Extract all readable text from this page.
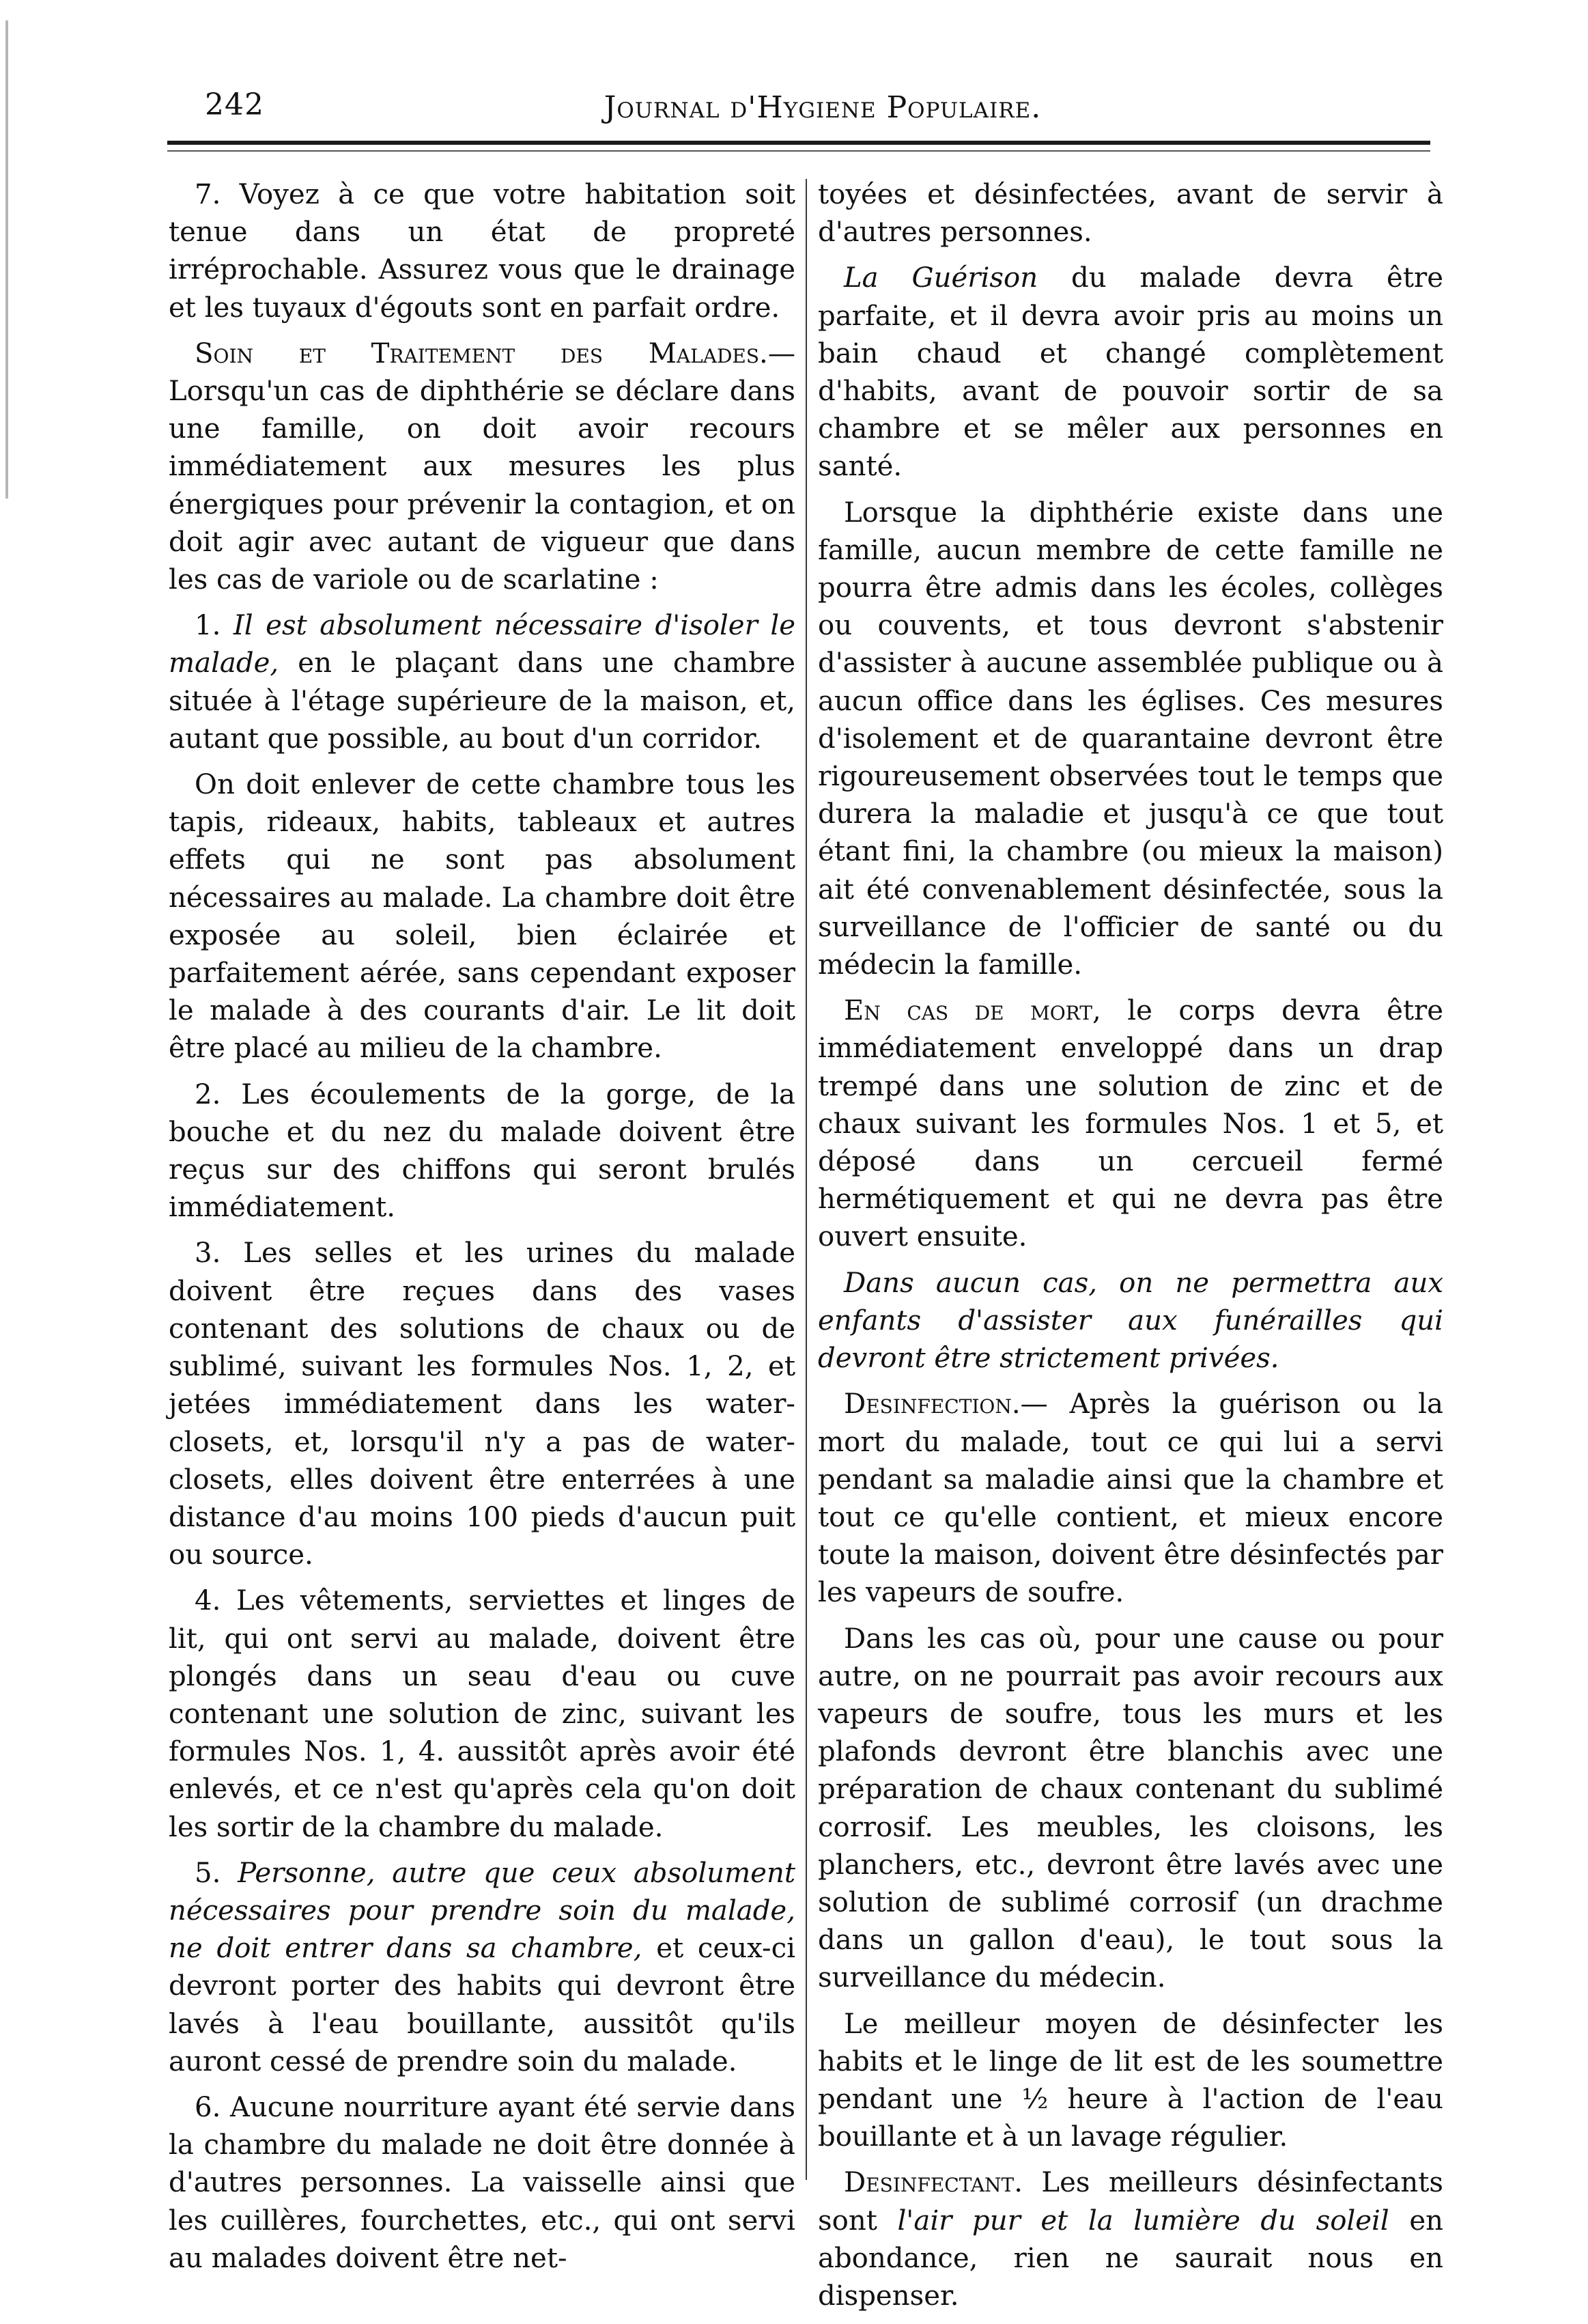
242	Journal d'Hygiene Populaire.

7. Voyez à ce que votre habitation soit tenue dans un état de propreté irréprochable. Assurez vous que le drainage et les tuyaux d'égouts sont en parfait ordre.

Soin et Traitement des Malades.— Lorsqu'un cas de diphthérie se déclare dans une famille, on doit avoir recours immédiatement aux mesures les plus énergiques pour prévenir la contagion, et on doit agir avec autant de vigueur que dans les cas de variole ou de scarlatine :

1. Il est absolument nécessaire d'isoler le malade, en le plaçant dans une chambre située à l'étage supérieure de la maison, et, autant que possible, au bout d'un corridor.

On doit enlever de cette chambre tous les tapis, rideaux, habits, tableaux et autres effets qui ne sont pas absolument nécessaires au malade. La chambre doit être exposée au soleil, bien éclairée et parfaitement aérée, sans cependant exposer le malade à des courants d'air. Le lit doit être placé au milieu de la chambre.

2. Les écoulements de la gorge, de la bouche et du nez du malade doivent être reçus sur des chiffons qui seront brulés immédiatement.

3. Les selles et les urines du malade doivent être reçues dans des vases contenant des solutions de chaux ou de sublimé, suivant les formules Nos. 1, 2, et jetées immédiatement dans les water-closets, et, lorsqu'il n'y a pas de water-closets, elles doivent être enterrées à une distance d'au moins 100 pieds d'aucun puit ou source.

4. Les vêtements, serviettes et linges de lit, qui ont servi au malade, doivent être plongés dans un seau d'eau ou cuve contenant une solution de zinc, suivant les formules Nos. 1, 4. aussitôt après avoir été enlevés, et ce n'est qu'après cela qu'on doit les sortir de la chambre du malade.

5. Personne, autre que ceux absolument nécessaires pour prendre soin du malade, ne doit entrer dans sa chambre, et ceux-ci devront porter des habits qui devront être lavés à l'eau bouillante, aussitôt qu'ils auront cessé de prendre soin du malade.

6. Aucune nourriture ayant été servie dans la chambre du malade ne doit être donnée à d'autres personnes. La vaisselle ainsi que les cuillères, fourchettes, etc., qui ont servi au malades doivent être net-

toyées et désinfectées, avant de servir à d'autres personnes.

La Guérison du malade devra être parfaite, et il devra avoir pris au moins un bain chaud et changé complètement d'habits, avant de pouvoir sortir de sa chambre et se mêler aux personnes en santé.

Lorsque la diphthérie existe dans une famille, aucun membre de cette famille ne pourra être admis dans les écoles, collèges ou couvents, et tous devront s'abstenir d'assister à aucune assemblée publique ou à aucun office dans les églises. Ces mesures d'isolement et de quarantaine devront être rigoureusement observées tout le temps que durera la maladie et jusqu'à ce que tout étant fini, la chambre (ou mieux la maison) ait été convenablement désinfectée, sous la surveillance de l'officier de santé ou du médecin la famille.

En cas de mort, le corps devra être immédiatement enveloppé dans un drap trempé dans une solution de zinc et de chaux suivant les formules Nos. 1 et 5, et déposé dans un cercueil fermé hermétiquement et qui ne devra pas être ouvert ensuite.

Dans aucun cas, on ne permettra aux enfants d'assister aux funérailles qui devront être strictement privées.

Desinfection.— Après la guérison ou la mort du malade, tout ce qui lui a servi pendant sa maladie ainsi que la chambre et tout ce qu'elle contient, et mieux encore toute la maison, doivent être désinfectés par les vapeurs de soufre.

Dans les cas où, pour une cause ou pour autre, on ne pourrait pas avoir recours aux vapeurs de soufre, tous les murs et les plafonds devront être blanchis avec une préparation de chaux contenant du sublimé corrosif. Les meubles, les cloisons, les planchers, etc., devront être lavés avec une solution de sublimé corrosif (un drachme dans un gallon d'eau), le tout sous la surveillance du médecin.

Le meilleur moyen de désinfecter les habits et le linge de lit est de les soumettre pendant une ½ heure à l'action de l'eau bouillante et à un lavage régulier.

Desinfectant. Les meilleurs désinfectants sont l'air pur et la lumière du soleil en abondance, rien ne saurait nous en dispenser.
